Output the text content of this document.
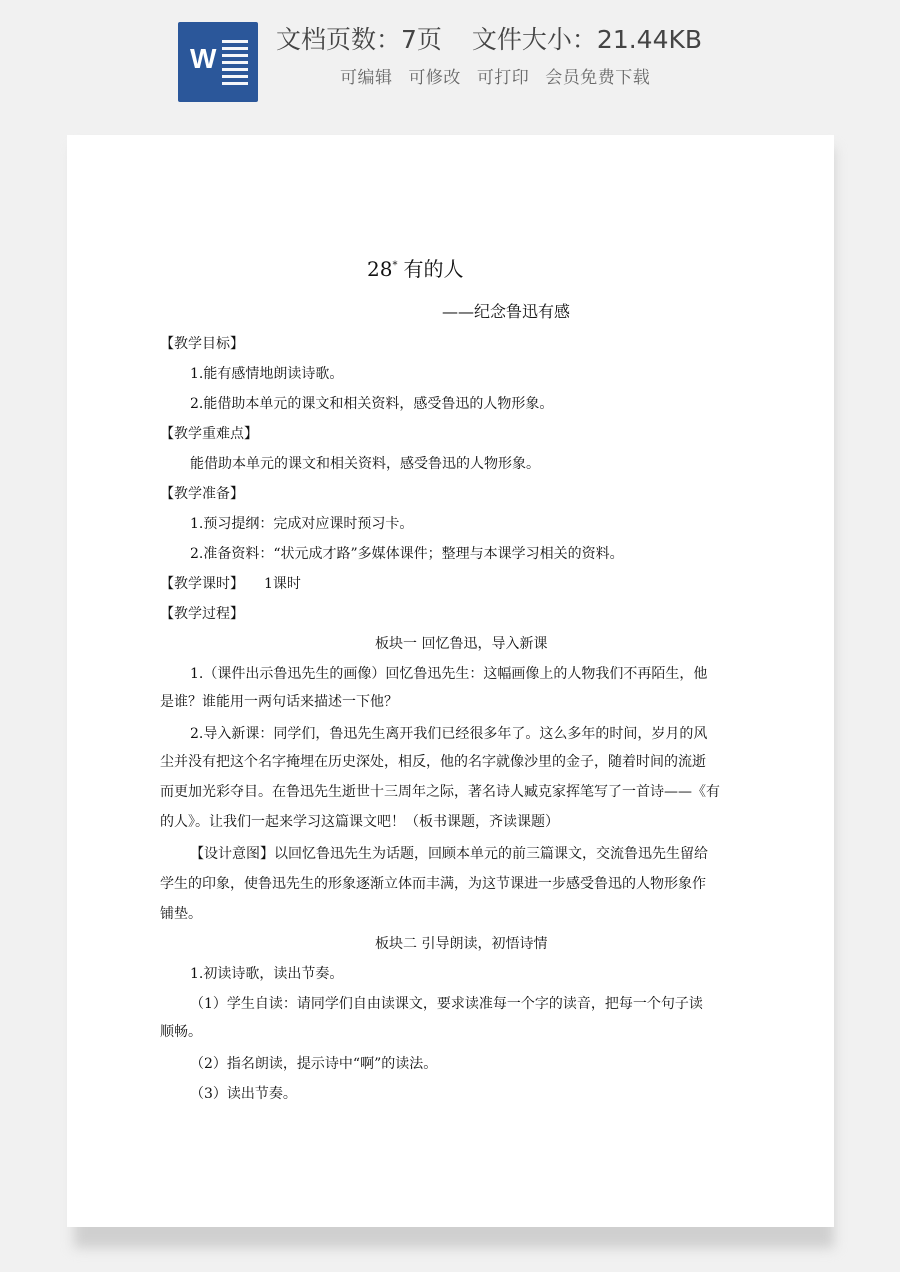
W
文档页数：7页 文件大小：21.44KB
可编辑 可修改 可打印 会员免费下载
28* 有的人
——纪念鲁迅有感
【教学目标】
1.能有感情地朗读诗歌。
2.能借助本单元的课文和相关资料，感受鲁迅的人物形象。
【教学重难点】
能借助本单元的课文和相关资料，感受鲁迅的人物形象。
【教学准备】
1.预习提纲：完成对应课时预习卡。
2.准备资料：“状元成才路”多媒体课件；整理与本课学习相关的资料。
【教学课时】 1课时
【教学过程】
板块一 回忆鲁迅，导入新课
1.（课件出示鲁迅先生的画像）回忆鲁迅先生：这幅画像上的人物我们不再陌生，他
是谁？谁能用一两句话来描述一下他？
2.导入新课：同学们，鲁迅先生离开我们已经很多年了。这么多年的时间，岁月的风
尘并没有把这个名字掩埋在历史深处，相反，他的名字就像沙里的金子，随着时间的流逝
而更加光彩夺目。在鲁迅先生逝世十三周年之际，著名诗人臧克家挥笔写了一首诗——《有
的人》。让我们一起来学习这篇课文吧！（板书课题，齐读课题）
【设计意图】以回忆鲁迅先生为话题，回顾本单元的前三篇课文，交流鲁迅先生留给
学生的印象，使鲁迅先生的形象逐渐立体而丰满，为这节课进一步感受鲁迅的人物形象作
铺垫。
板块二 引导朗读，初悟诗情
1.初读诗歌，读出节奏。
（1）学生自读：请同学们自由读课文，要求读准每一个字的读音，把每一个句子读
顺畅。
（2）指名朗读，提示诗中“啊”的读法。
（3）读出节奏。
